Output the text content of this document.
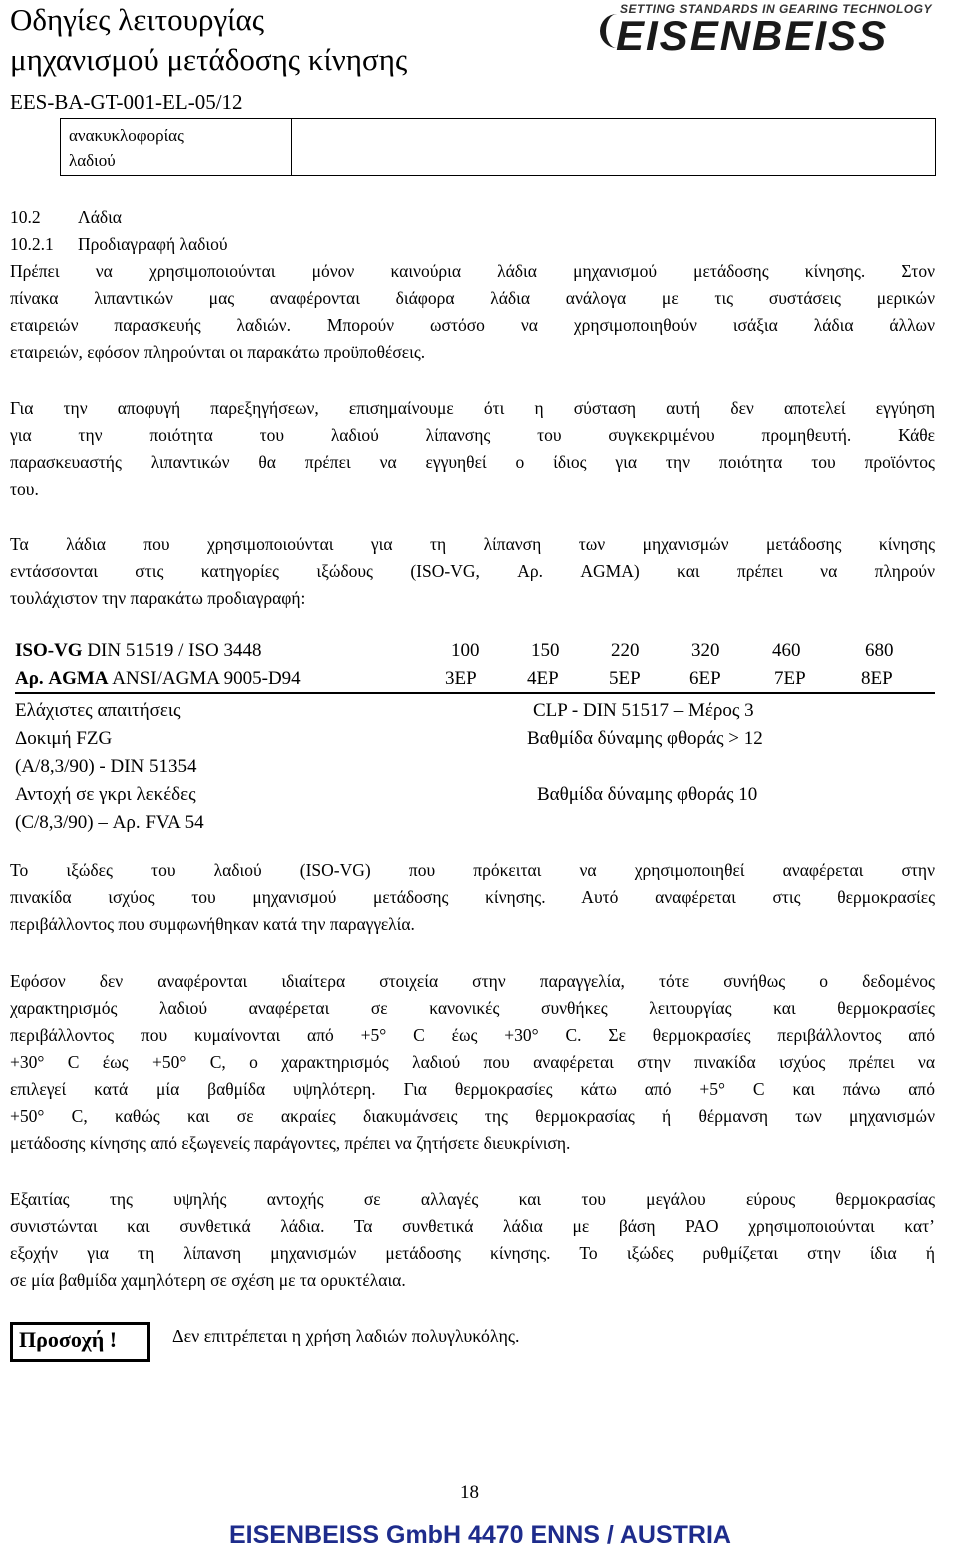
Οδηγίες λειτουργίας
μηχανισμού μετάδοσης κίνησης
EES-BA-GT-001-EL-05/12
SETTING STANDARDS IN GEARING TECHNOLOGY
EISENBEISS
ανακυκλοφορίας
λαδιού
10.2 Λάδια
10.2.1 Προδιαγραφή λαδιού
Πρέπει να χρησιμοποιούνται μόνον καινούρια λάδια μηχανισμού μετάδοσης κίνησης. Στον
πίνακα λιπαντικών μας αναφέρονται διάφορα λάδια ανάλογα με τις συστάσεις μερικών
εταιρειών παρασκευής λαδιών. Μπορούν ωστόσο να χρησιμοποιηθούν ισάξια λάδια άλλων
εταιρειών, εφόσον πληρούνται οι παρακάτω προϋποθέσεις.
Για την αποφυγή παρεξηγήσεων, επισημαίνουμε ότι η σύσταση αυτή δεν αποτελεί εγγύηση
για την ποιότητα του λαδιού λίπανσης του συγκεκριμένου προμηθευτή. Κάθε
παρασκευαστής λιπαντικών θα πρέπει να εγγυηθεί ο ίδιος για την ποιότητα του προϊόντος
του.
Τα λάδια που χρησιμοποιούνται για τη λίπανση των μηχανισμών μετάδοσης κίνησης
εντάσσονται στις κατηγορίες ιξώδους (ISO-VG, Αρ. AGMA) και πρέπει να πληρούν
τουλάχιστον την παρακάτω προδιαγραφή:
ISO-VG DIN 51519 / ISO 3448	100	150	220	320	460	680
Αρ. AGMA ANSI/AGMA 9005-D94	3EP	4EP	5EP	6EP	7EP	8EP
Ελάχιστες απαιτήσεις	CLP - DIN 51517 – Μέρος 3
Δοκιμή FZG	Βαθμίδα δύναμης φθοράς > 12
(A/8,3/90) - DIN 51354
Αντοχή σε γκρι λεκέδες	Βαθμίδα δύναμης φθοράς 10
(C/8,3/90) – Αρ. FVA 54
Το ιξώδες του λαδιού (ISO-VG) που πρόκειται να χρησιμοποιηθεί αναφέρεται στην
πινακίδα ισχύος του μηχανισμού μετάδοσης κίνησης. Αυτό αναφέρεται στις θερμοκρασίες
περιβάλλοντος που συμφωνήθηκαν κατά την παραγγελία.
Εφόσον δεν αναφέρονται ιδιαίτερα στοιχεία στην παραγγελία, τότε συνήθως ο δεδομένος
χαρακτηρισμός λαδιού αναφέρεται σε κανονικές συνθήκες λειτουργίας και θερμοκρασίες
περιβάλλοντος που κυμαίνονται από +5° C έως +30° C. Σε θερμοκρασίες περιβάλλοντος από
+30° C έως +50° C, ο χαρακτηρισμός λαδιού που αναφέρεται στην πινακίδα ισχύος πρέπει να
επιλεγεί κατά μία βαθμίδα υψηλότερη. Για θερμοκρασίες κάτω από +5° C και πάνω από
+50° C, καθώς και σε ακραίες διακυμάνσεις της θερμοκρασίας ή θέρμανση των μηχανισμών
μετάδοσης κίνησης από εξωγενείς παράγοντες, πρέπει να ζητήσετε διευκρίνιση.
Εξαιτίας της υψηλής αντοχής σε αλλαγές και του μεγάλου εύρους θερμοκρασίας
συνιστώνται και συνθετικά λάδια. Τα συνθετικά λάδια με βάση PAO χρησιμοποιούνται κατ’
εξοχήν για τη λίπανση μηχανισμών μετάδοσης κίνησης. Το ιξώδες ρυθμίζεται στην ίδια ή
σε μία βαθμίδα χαμηλότερη σε σχέση με τα ορυκτέλαια.
Προσοχή !	Δεν επιτρέπεται η χρήση λαδιών πολυγλυκόλης.
18
EISENBEISS GmbH 4470 ENNS / AUSTRIA
